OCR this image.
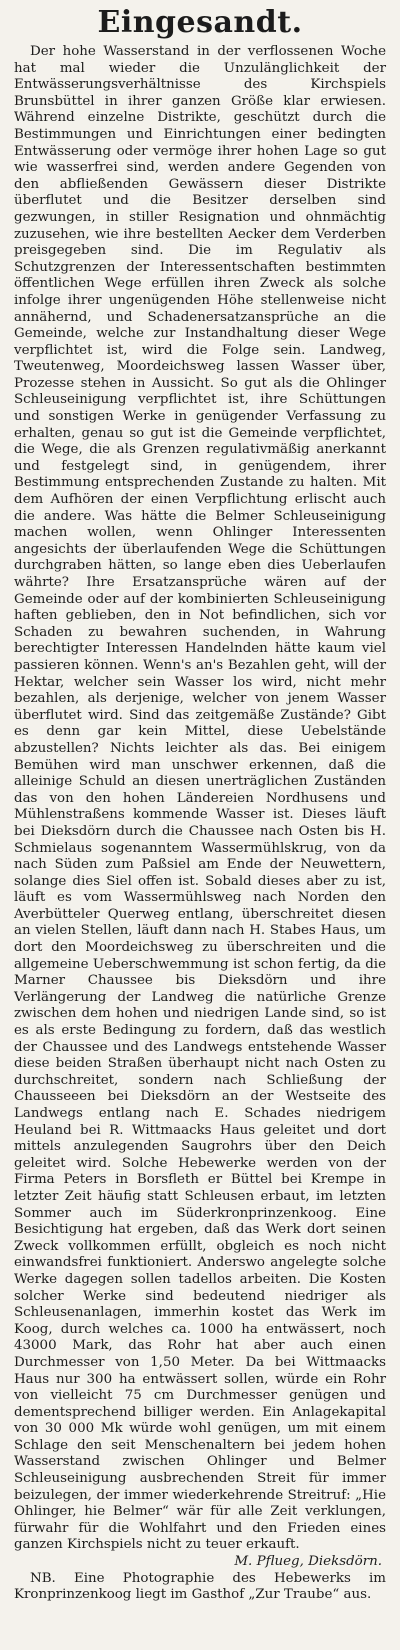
Eingesandt.

Der hohe Wasserstand in der verflossenen Woche hat mal wieder die Unzulänglichkeit der Entwässerungsverhältnisse des Kirchspiels Brunsbüttel in ihrer ganzen Größe klar erwiesen. Während einzelne Distrikte, geschützt durch die Bestimmungen und Einrichtungen einer bedingten Entwässerung oder vermöge ihrer hohen Lage so gut wie wasserfrei sind, werden andere Gegenden von den abfließenden Gewässern dieser Distrikte überflutet und die Besitzer derselben sind gezwungen, in stiller Resignation und ohnmächtig zuzusehen, wie ihre bestellten Aecker dem Verderben preisgegeben sind. Die im Regulativ als Schutzgrenzen der Interessentschaften bestimmten öffentlichen Wege erfüllen ihren Zweck als solche infolge ihrer ungenügenden Höhe stellenweise nicht annähernd, und Schadenersatzansprüche an die Gemeinde, welche zur Instandhaltung dieser Wege verpflichtet ist, wird die Folge sein. Landweg, Tweutenweg, Moordeichsweg lassen Wasser über, Prozesse stehen in Aussicht. So gut als die Ohlinger Schleuseinigung verpflichtet ist, ihre Schüttungen und sonstigen Werke in genügender Verfassung zu erhalten, genau so gut ist die Gemeinde verpflichtet, die Wege, die als Grenzen regulativmäßig anerkannt und festgelegt sind, in genügendem, ihrer Bestimmung entsprechenden Zustande zu halten. Mit dem Aufhören der einen Verpflichtung erlischt auch die andere. Was hätte die Belmer Schleuseinigung machen wollen, wenn Ohlinger Interessenten angesichts der überlaufenden Wege die Schüttungen durchgraben hätten, so lange eben dies Ueberlaufen währte? Ihre Ersatzansprüche wären auf der Gemeinde oder auf der kombinierten Schleuseinigung haften geblieben, den in Not befindlichen, sich vor Schaden zu bewahren suchenden, in Wahrung berechtigter Interessen Handelnden hätte kaum viel passieren können. Wenn's an's Bezahlen geht, will der Hektar, welcher sein Wasser los wird, nicht mehr bezahlen, als derjenige, welcher von jenem Wasser überflutet wird. Sind das zeitgemäße Zustände? Gibt es denn gar kein Mittel, diese Uebelstände abzustellen? Nichts leichter als das. Bei einigem Bemühen wird man unschwer erkennen, daß die alleinige Schuld an diesen unerträglichen Zuständen das von den hohen Ländereien Nordhusens und Mühlenstraßens kommende Wasser ist. Dieses läuft bei Dieksdörn durch die Chaussee nach Osten bis H. Schmielaus sogenanntem Wassermühlskrug, von da nach Süden zum Paßsiel am Ende der Neuwettern, solange dies Siel offen ist. Sobald dieses aber zu ist, läuft es vom Wassermühlsweg nach Norden den Averbütteler Querweg entlang, überschreitet diesen an vielen Stellen, läuft dann nach H. Stabes Haus, um dort den Moordeichsweg zu überschreiten und die allgemeine Ueberschwemmung ist schon fertig, da die Marner Chaussee bis Dieksdörn und ihre Verlängerung der Landweg die natürliche Grenze zwischen dem hohen und niedrigen Lande sind, so ist es als erste Bedingung zu fordern, daß das westlich der Chaussee und des Landwegs entstehende Wasser diese beiden Straßen überhaupt nicht nach Osten zu durchschreitet, sondern nach Schließung der Chausseeen bei Dieksdörn an der Westseite des Landwegs entlang nach E. Schades niedrigem Heuland bei R. Wittmaacks Haus geleitet und dort mittels anzulegenden Saugrohrs über den Deich geleitet wird. Solche Hebewerke werden von der Firma Peters in Borsfleth er Büttel bei Krempe in letzter Zeit häufig statt Schleusen erbaut, im letzten Sommer auch im Süderkronprinzenkoog. Eine Besichtigung hat ergeben, daß das Werk dort seinen Zweck vollkommen erfüllt, obgleich es noch nicht einwandsfrei funktioniert. Anderswo angelegte solche Werke dagegen sollen tadellos arbeiten. Die Kosten solcher Werke sind bedeutend niedriger als Schleusenanlagen, immerhin kostet das Werk im Koog, durch welches ca. 1000 ha entwässert, noch 43000 Mark, das Rohr hat aber auch einen Durchmesser von 1,50 Meter. Da bei Wittmaacks Haus nur 300 ha entwässert sollen, würde ein Rohr von vielleicht 75 cm Durchmesser genügen und dementsprechend billiger werden. Ein Anlagekapital von 30 000 Mk würde wohl genügen, um mit einem Schlage den seit Menschenaltern bei jedem hohen Wasserstand zwischen Ohlinger und Belmer Schleuseinigung ausbrechenden Streit für immer beizulegen, der immer wiederkehrende Streitruf: „Hie Ohlinger, hie Belmer“ wär für alle Zeit verklungen, fürwahr für die Wohlfahrt und den Frieden eines ganzen Kirchspiels nicht zu teuer erkauft.

M. Pflueg, Dieksdörn.

NB. Eine Photographie des Hebewerks im Kronprinzenkoog liegt im Gasthof „Zur Traube“ aus.
